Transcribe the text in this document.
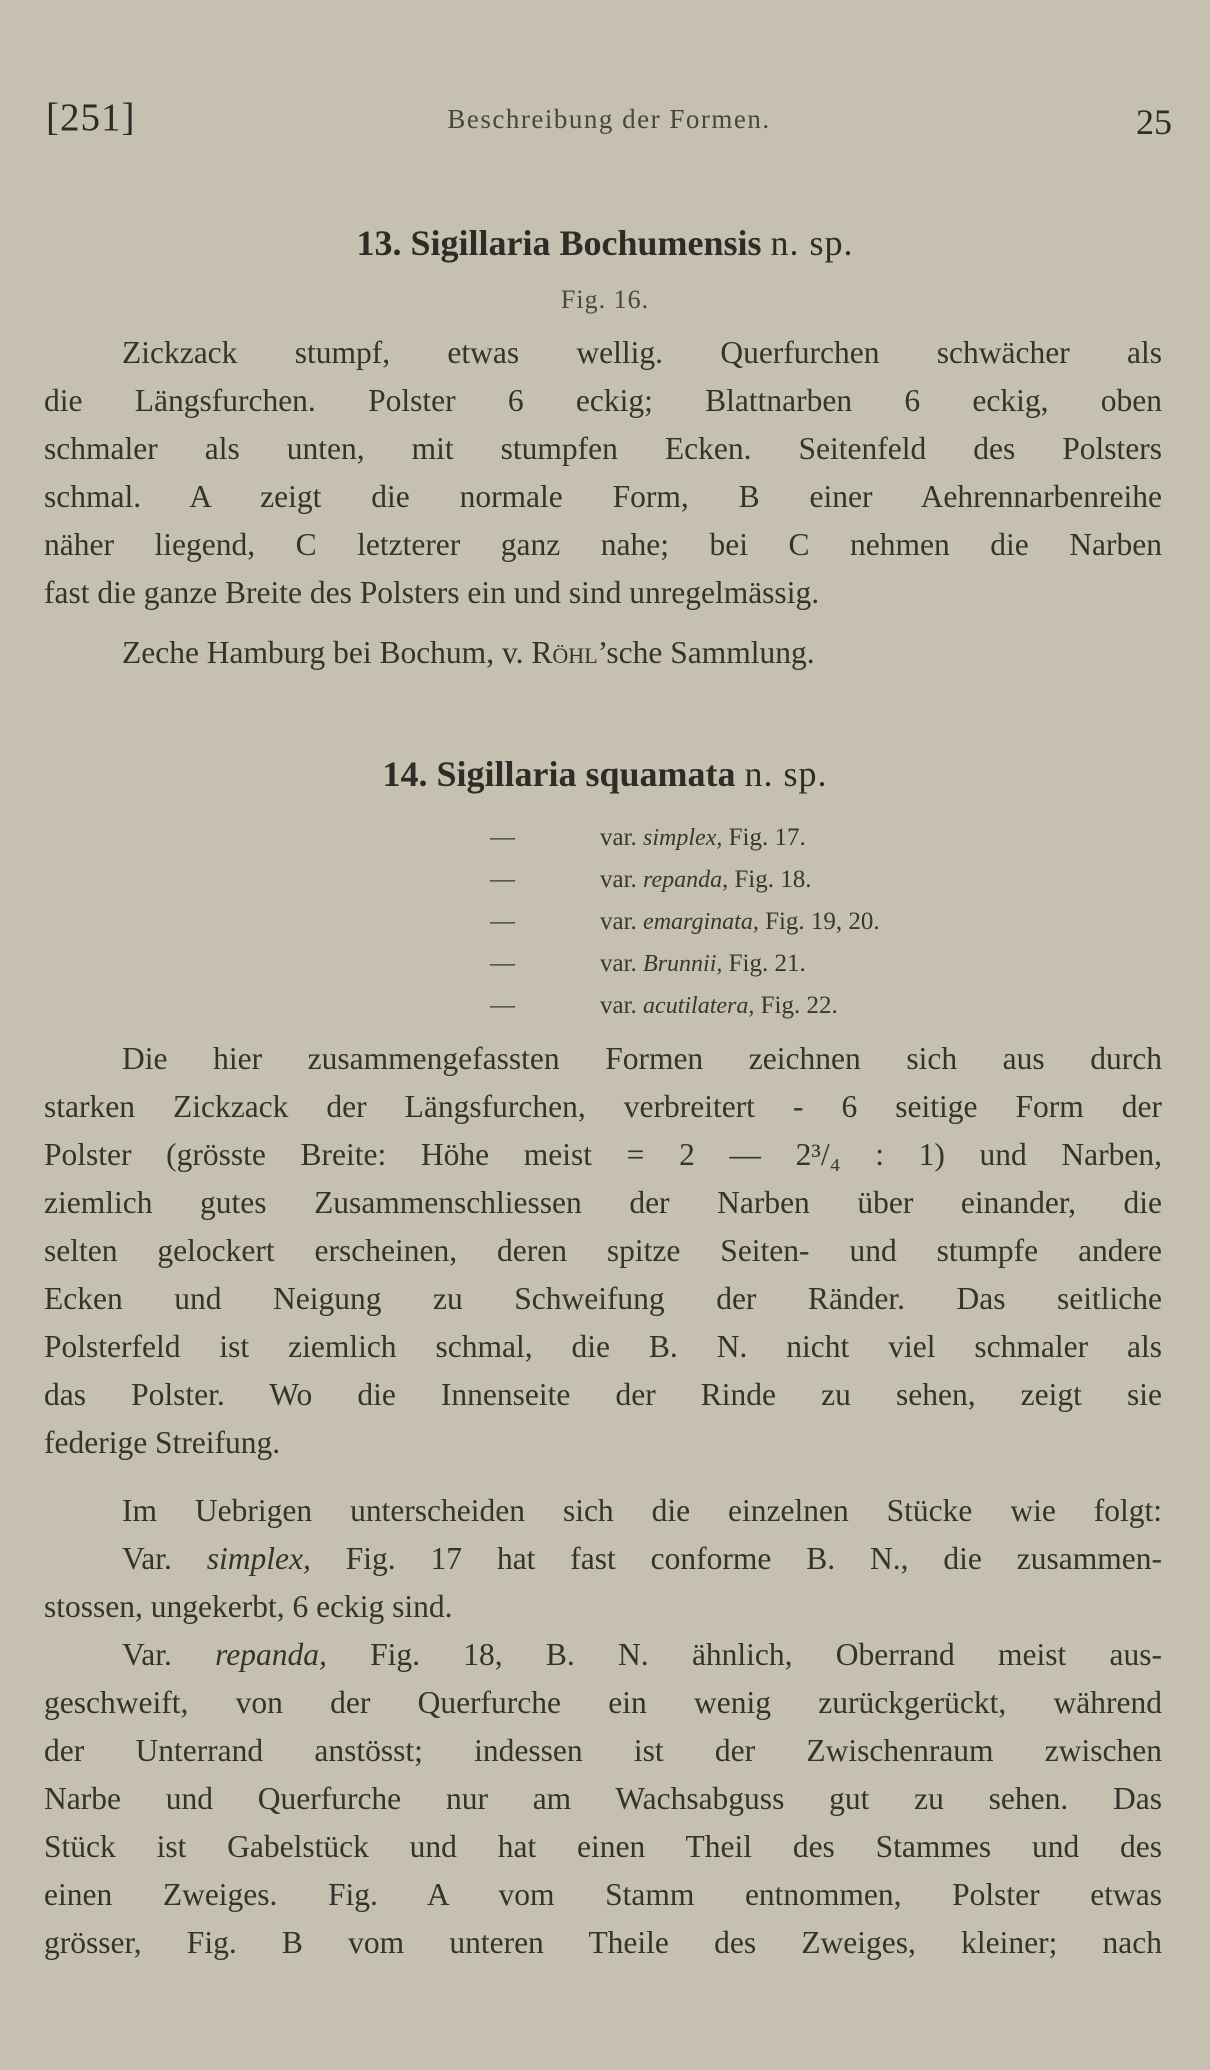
[251]	Beschreibung der Formen.	25
13. Sigillaria Bochumensis n. sp.
Fig. 16.

Zickzack stumpf, etwas wellig. Querfurchen schwächer als
die Längsfurchen. Polster 6 eckig; Blattnarben 6 eckig, oben
schmaler als unten, mit stumpfen Ecken. Seitenfeld des Polsters
schmal. A zeigt die normale Form, B einer Aehrennarbenreihe
näher liegend, C letzterer ganz nahe; bei C nehmen die Narben
fast die ganze Breite des Polsters ein und sind unregelmässig.

Zeche Hamburg bei Bochum, v. Röhl’sche Sammlung.

14. Sigillaria squamata n. sp.
—	var. simplex, Fig. 17.
—	var. repanda, Fig. 18.
—	var. emarginata, Fig. 19, 20.
—	var. Brunnii, Fig. 21.
—	var. acutilatera, Fig. 22.

Die hier zusammengefassten Formen zeichnen sich aus durch
starken Zickzack der Längsfurchen, verbreitert - 6 seitige Form der
Polster (grösste Breite: Höhe meist = 2 — 2³/₄ : 1) und Narben,
ziemlich gutes Zusammenschliessen der Narben über einander, die
selten gelockert erscheinen, deren spitze Seiten- und stumpfe andere
Ecken und Neigung zu Schweifung der Ränder. Das seitliche
Polsterfeld ist ziemlich schmal, die B. N. nicht viel schmaler als
das Polster. Wo die Innenseite der Rinde zu sehen, zeigt sie
federige Streifung.

Im Uebrigen unterscheiden sich die einzelnen Stücke wie folgt:

Var. simplex, Fig. 17 hat fast conforme B. N., die zusammen-
stossen, ungekerbt, 6 eckig sind.

Var. repanda, Fig. 18, B. N. ähnlich, Oberrand meist aus-
geschweift, von der Querfurche ein wenig zurückgerückt, während
der Unterrand anstösst; indessen ist der Zwischenraum zwischen
Narbe und Querfurche nur am Wachsabguss gut zu sehen. Das
Stück ist Gabelstück und hat einen Theil des Stammes und des
einen Zweiges. Fig. A vom Stamm entnommen, Polster etwas
grösser, Fig. B vom unteren Theile des Zweiges, kleiner; nach
